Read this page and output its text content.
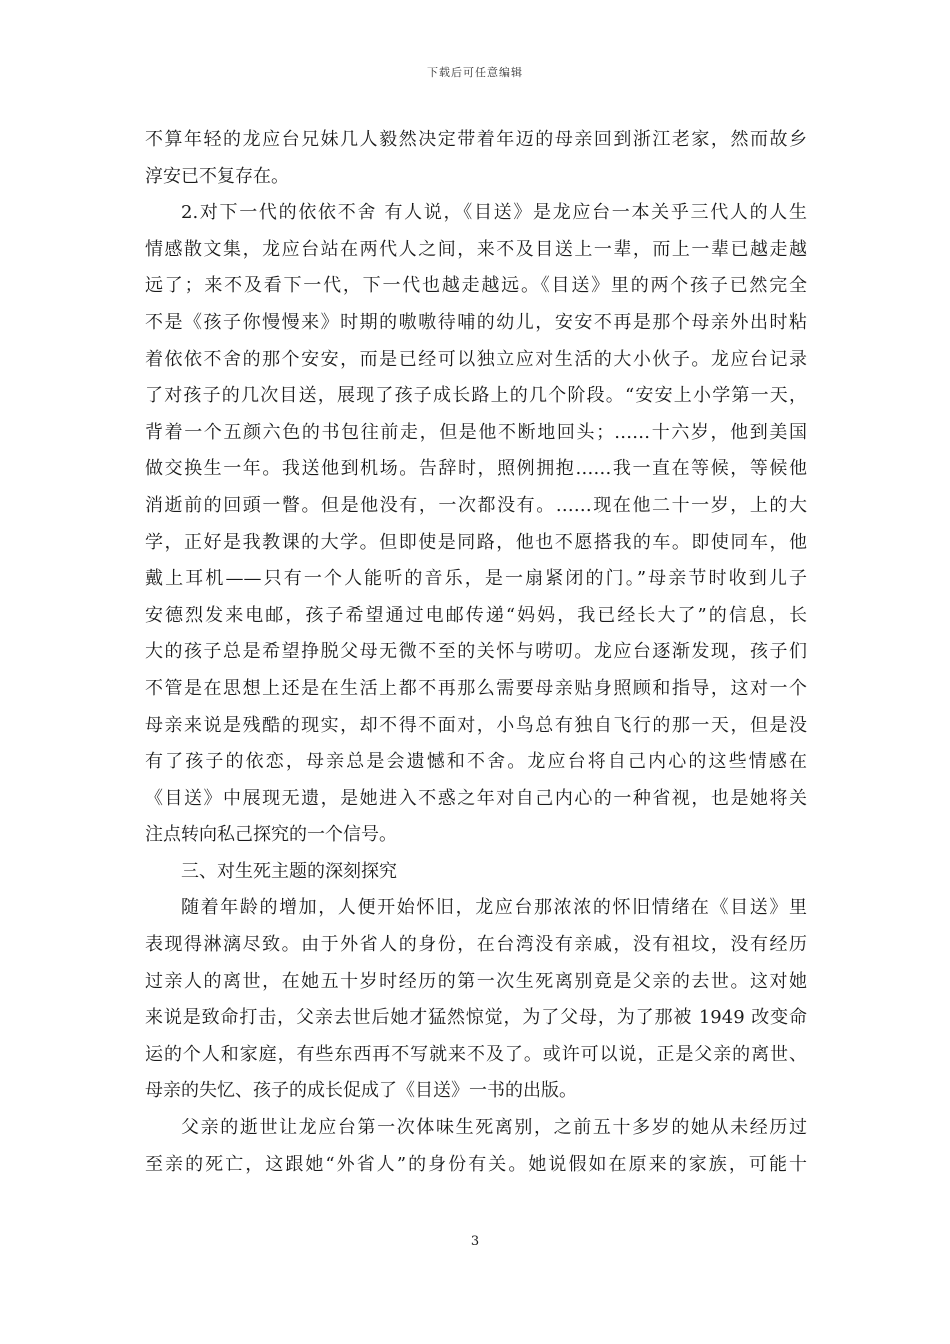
下载后可任意编辑
不算年轻的龙应台兄妹几人毅然决定带着年迈的母亲回到浙江老家，然而故乡
淳安已不复存在。
2.对下一代的依依不舍 有人说，《目送》是龙应台一本关乎三代人的人生
情感散文集，龙应台站在两代人之间，来不及目送上一辈，而上一辈已越走越
远了；来不及看下一代，下一代也越走越远。《目送》里的两个孩子已然完全
不是《孩子你慢慢来》时期的嗷嗷待哺的幼儿，安安不再是那个母亲外出时粘
着依依不舍的那个安安，而是已经可以独立应对生活的大小伙子。龙应台记录
了对孩子的几次目送，展现了孩子成长路上的几个阶段。“安安上小学第一天，
背着一个五颜六色的书包往前走，但是他不断地回头；……十六岁，他到美国
做交换生一年。我送他到机场。告辞时，照例拥抱……我一直在等候，等候他
消逝前的回頭一瞥。但是他没有，一次都没有。……现在他二十一岁，上的大
学，正好是我教课的大学。但即使是同路，他也不愿搭我的车。即使同车，他
戴上耳机——只有一个人能听的音乐，是一扇紧闭的门。”母亲节时收到儿子
安德烈发来电邮，孩子希望通过电邮传递“妈妈，我已经长大了”的信息，长
大的孩子总是希望挣脱父母无微不至的关怀与唠叨。龙应台逐渐发现，孩子们
不管是在思想上还是在生活上都不再那么需要母亲贴身照顾和指导，这对一个
母亲来说是残酷的现实，却不得不面对，小鸟总有独自飞行的那一天，但是没
有了孩子的依恋，母亲总是会遗憾和不舍。龙应台将自己内心的这些情感在
《目送》中展现无遗，是她进入不惑之年对自己内心的一种省视，也是她将关
注点转向私己探究的一个信号。
三、对生死主题的深刻探究
随着年龄的增加，人便开始怀旧，龙应台那浓浓的怀旧情绪在《目送》里
表现得淋漓尽致。由于外省人的身份，在台湾没有亲戚，没有祖坟，没有经历
过亲人的离世，在她五十岁时经历的第一次生死离别竟是父亲的去世。这对她
来说是致命打击，父亲去世后她才猛然惊觉，为了父母，为了那被 1949 改变命
运的个人和家庭，有些东西再不写就来不及了。或许可以说，正是父亲的离世、
母亲的失忆、孩子的成长促成了《目送》一书的出版。
父亲的逝世让龙应台第一次体味生死离别，之前五十多岁的她从未经历过
至亲的死亡，这跟她“外省人”的身份有关。她说假如在原来的家族，可能十
3
